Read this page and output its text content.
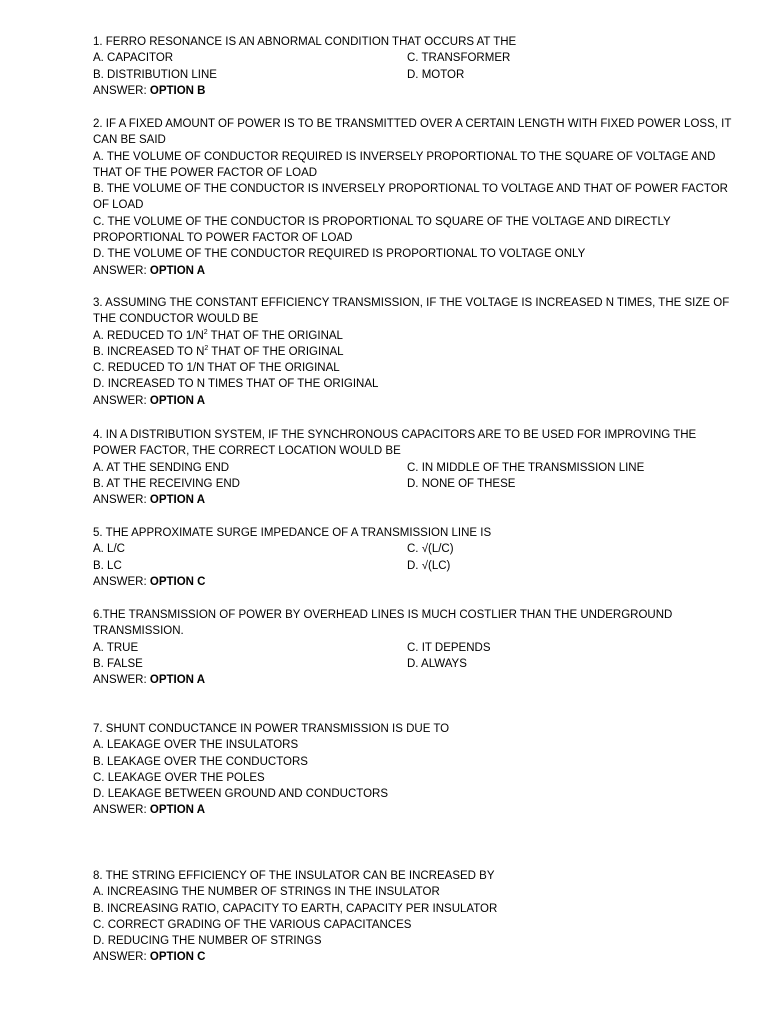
1. FERRO RESONANCE IS AN ABNORMAL CONDITION THAT OCCURS AT THE
A. CAPACITOR	C. TRANSFORMER
B. DISTRIBUTION LINE	D. MOTOR
ANSWER: OPTION B
2. IF A FIXED AMOUNT OF POWER IS TO BE TRANSMITTED OVER A CERTAIN LENGTH WITH FIXED POWER LOSS, IT CAN BE SAID
A. THE VOLUME OF CONDUCTOR REQUIRED IS INVERSELY PROPORTIONAL TO THE SQUARE OF VOLTAGE AND THAT OF THE POWER FACTOR OF LOAD
B. THE VOLUME OF THE CONDUCTOR IS INVERSELY PROPORTIONAL TO VOLTAGE AND THAT OF POWER FACTOR OF LOAD
C. THE VOLUME OF THE CONDUCTOR IS PROPORTIONAL TO SQUARE OF THE VOLTAGE AND DIRECTLY PROPORTIONAL TO POWER FACTOR OF LOAD
D. THE VOLUME OF THE CONDUCTOR REQUIRED IS PROPORTIONAL TO VOLTAGE ONLY
ANSWER: OPTION A
3. ASSUMING THE CONSTANT EFFICIENCY TRANSMISSION, IF THE VOLTAGE IS INCREASED N TIMES, THE SIZE OF THE CONDUCTOR WOULD BE
A. REDUCED TO $1/N^2$ THAT OF THE ORIGINAL
B. INCREASED TO $N^2$ THAT OF THE ORIGINAL
C. REDUCED TO 1/N THAT OF THE ORIGINAL
D. INCREASED TO N TIMES THAT OF THE ORIGINAL
ANSWER: OPTION A
4. IN A DISTRIBUTION SYSTEM, IF THE SYNCHRONOUS CAPACITORS ARE TO BE USED FOR IMPROVING THE POWER FACTOR, THE CORRECT LOCATION WOULD BE
A. AT THE SENDING END	C. IN MIDDLE OF THE TRANSMISSION LINE
B. AT THE RECEIVING END	D. NONE OF THESE
ANSWER: OPTION A
5. THE APPROXIMATE SURGE IMPEDANCE OF A TRANSMISSION LINE IS
A. L/C	C. √(L/C)
B. LC	D. √(LC)
ANSWER: OPTION C
6.THE TRANSMISSION OF POWER BY OVERHEAD LINES IS MUCH COSTLIER THAN THE UNDERGROUND TRANSMISSION.
A. TRUE	C. IT DEPENDS
B. FALSE	D. ALWAYS
ANSWER: OPTION A
7. SHUNT CONDUCTANCE IN POWER TRANSMISSION IS DUE TO
A. LEAKAGE OVER THE INSULATORS
B. LEAKAGE OVER THE CONDUCTORS
C. LEAKAGE OVER THE POLES
D. LEAKAGE BETWEEN GROUND AND CONDUCTORS
ANSWER: OPTION A
8. THE STRING EFFICIENCY OF THE INSULATOR CAN BE INCREASED BY
A. INCREASING THE NUMBER OF STRINGS IN THE INSULATOR
B. INCREASING RATIO, CAPACITY TO EARTH, CAPACITY PER INSULATOR
C. CORRECT GRADING OF THE VARIOUS CAPACITANCES
D. REDUCING THE NUMBER OF STRINGS
ANSWER: OPTION C
